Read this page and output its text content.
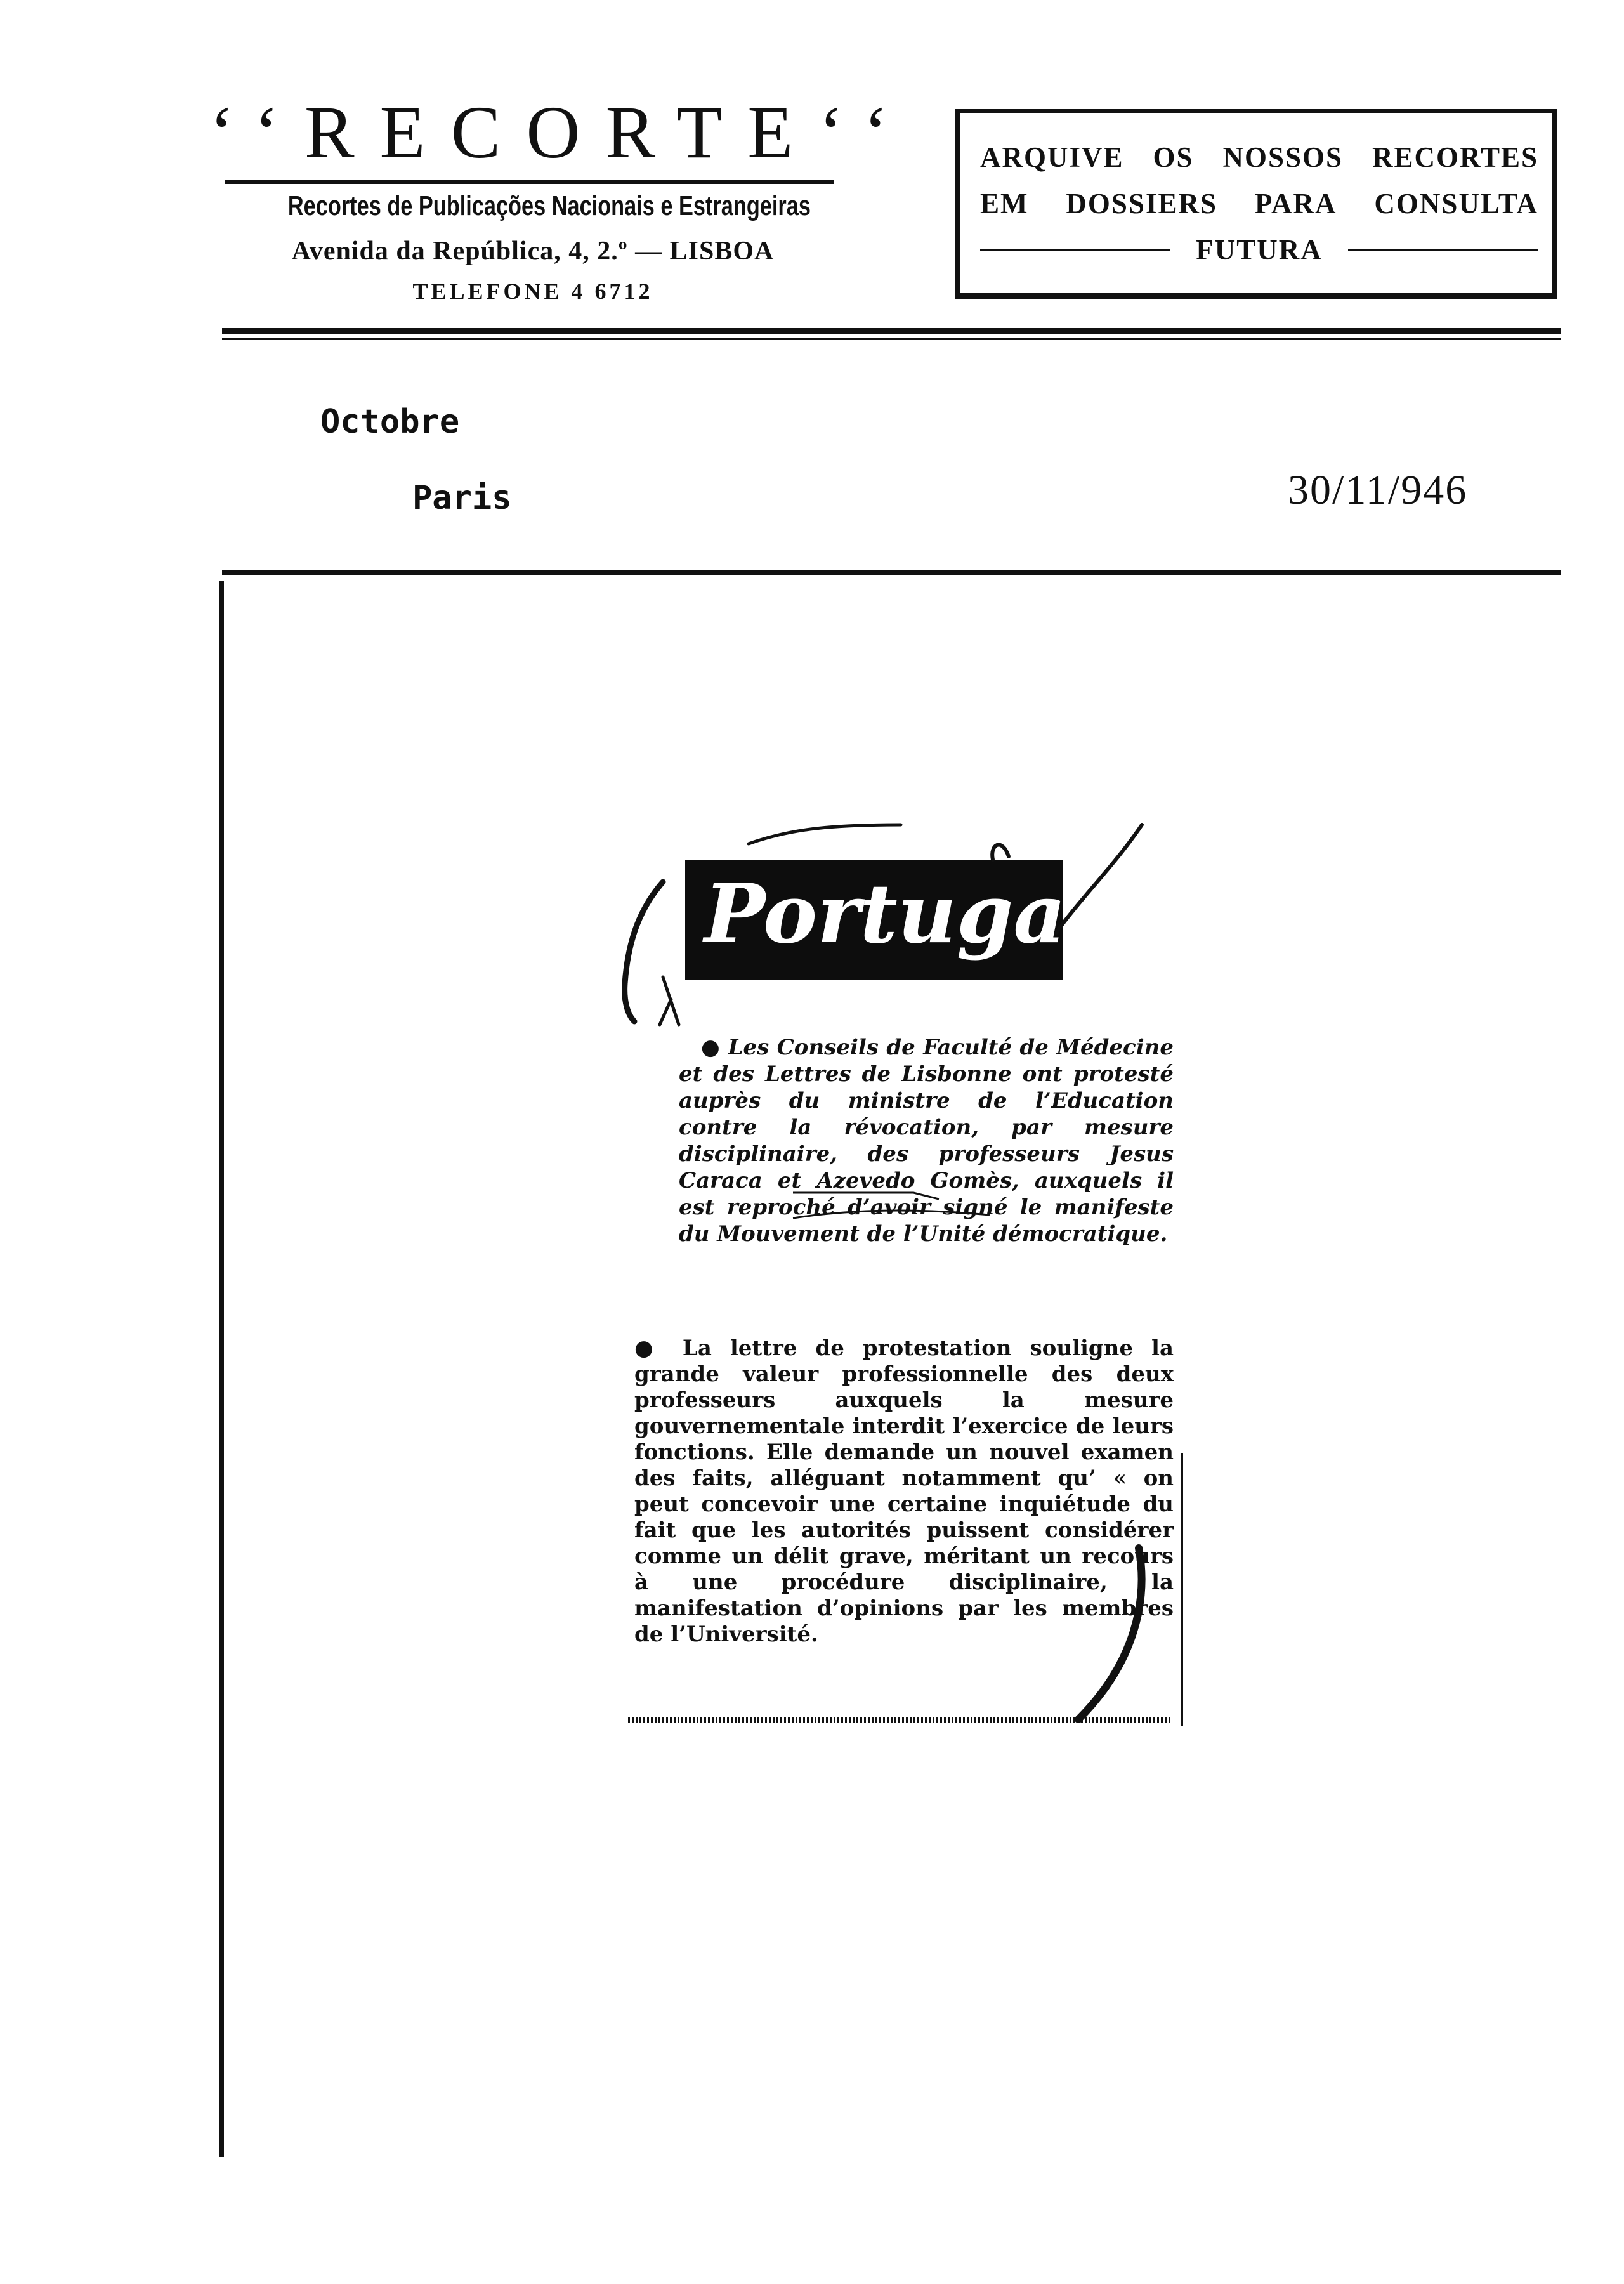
‘‘RECORTE‘‘
Recortes de Publicações Nacionais e Estrangeiras
Avenida da República, 4, 2.º — LISBOA
TELEFONE 4 6712
ARQUIVE OS NOSSOS RECORTES
EM DOSSIERS PARA CONSULTA
FUTURA
Octobre
Paris	30/11/946
Portugal
● Les Conseils de Faculté de Médecine et des Lettres de Lisbonne ont protesté auprès du ministre de l’Education contre la révocation, par mesure disciplinaire, des professeurs Jesus Caraca et Azevedo Gomès, auxquels il est reproché d’avoir signé le manifeste du Mouvement de l’Unité démocratique.
● La lettre de protestation souligne la grande valeur professionnelle des deux professeurs auxquels la mesure gouvernementale interdit l’exercice de leurs fonctions. Elle demande un nouvel examen des faits, alléguant notamment qu’ « on peut concevoir une certaine inquiétude du fait que les autorités puissent considérer comme un délit grave, méritant un recours à une procédure disciplinaire, la manifestation d’opinions par les membres de l’Université.
